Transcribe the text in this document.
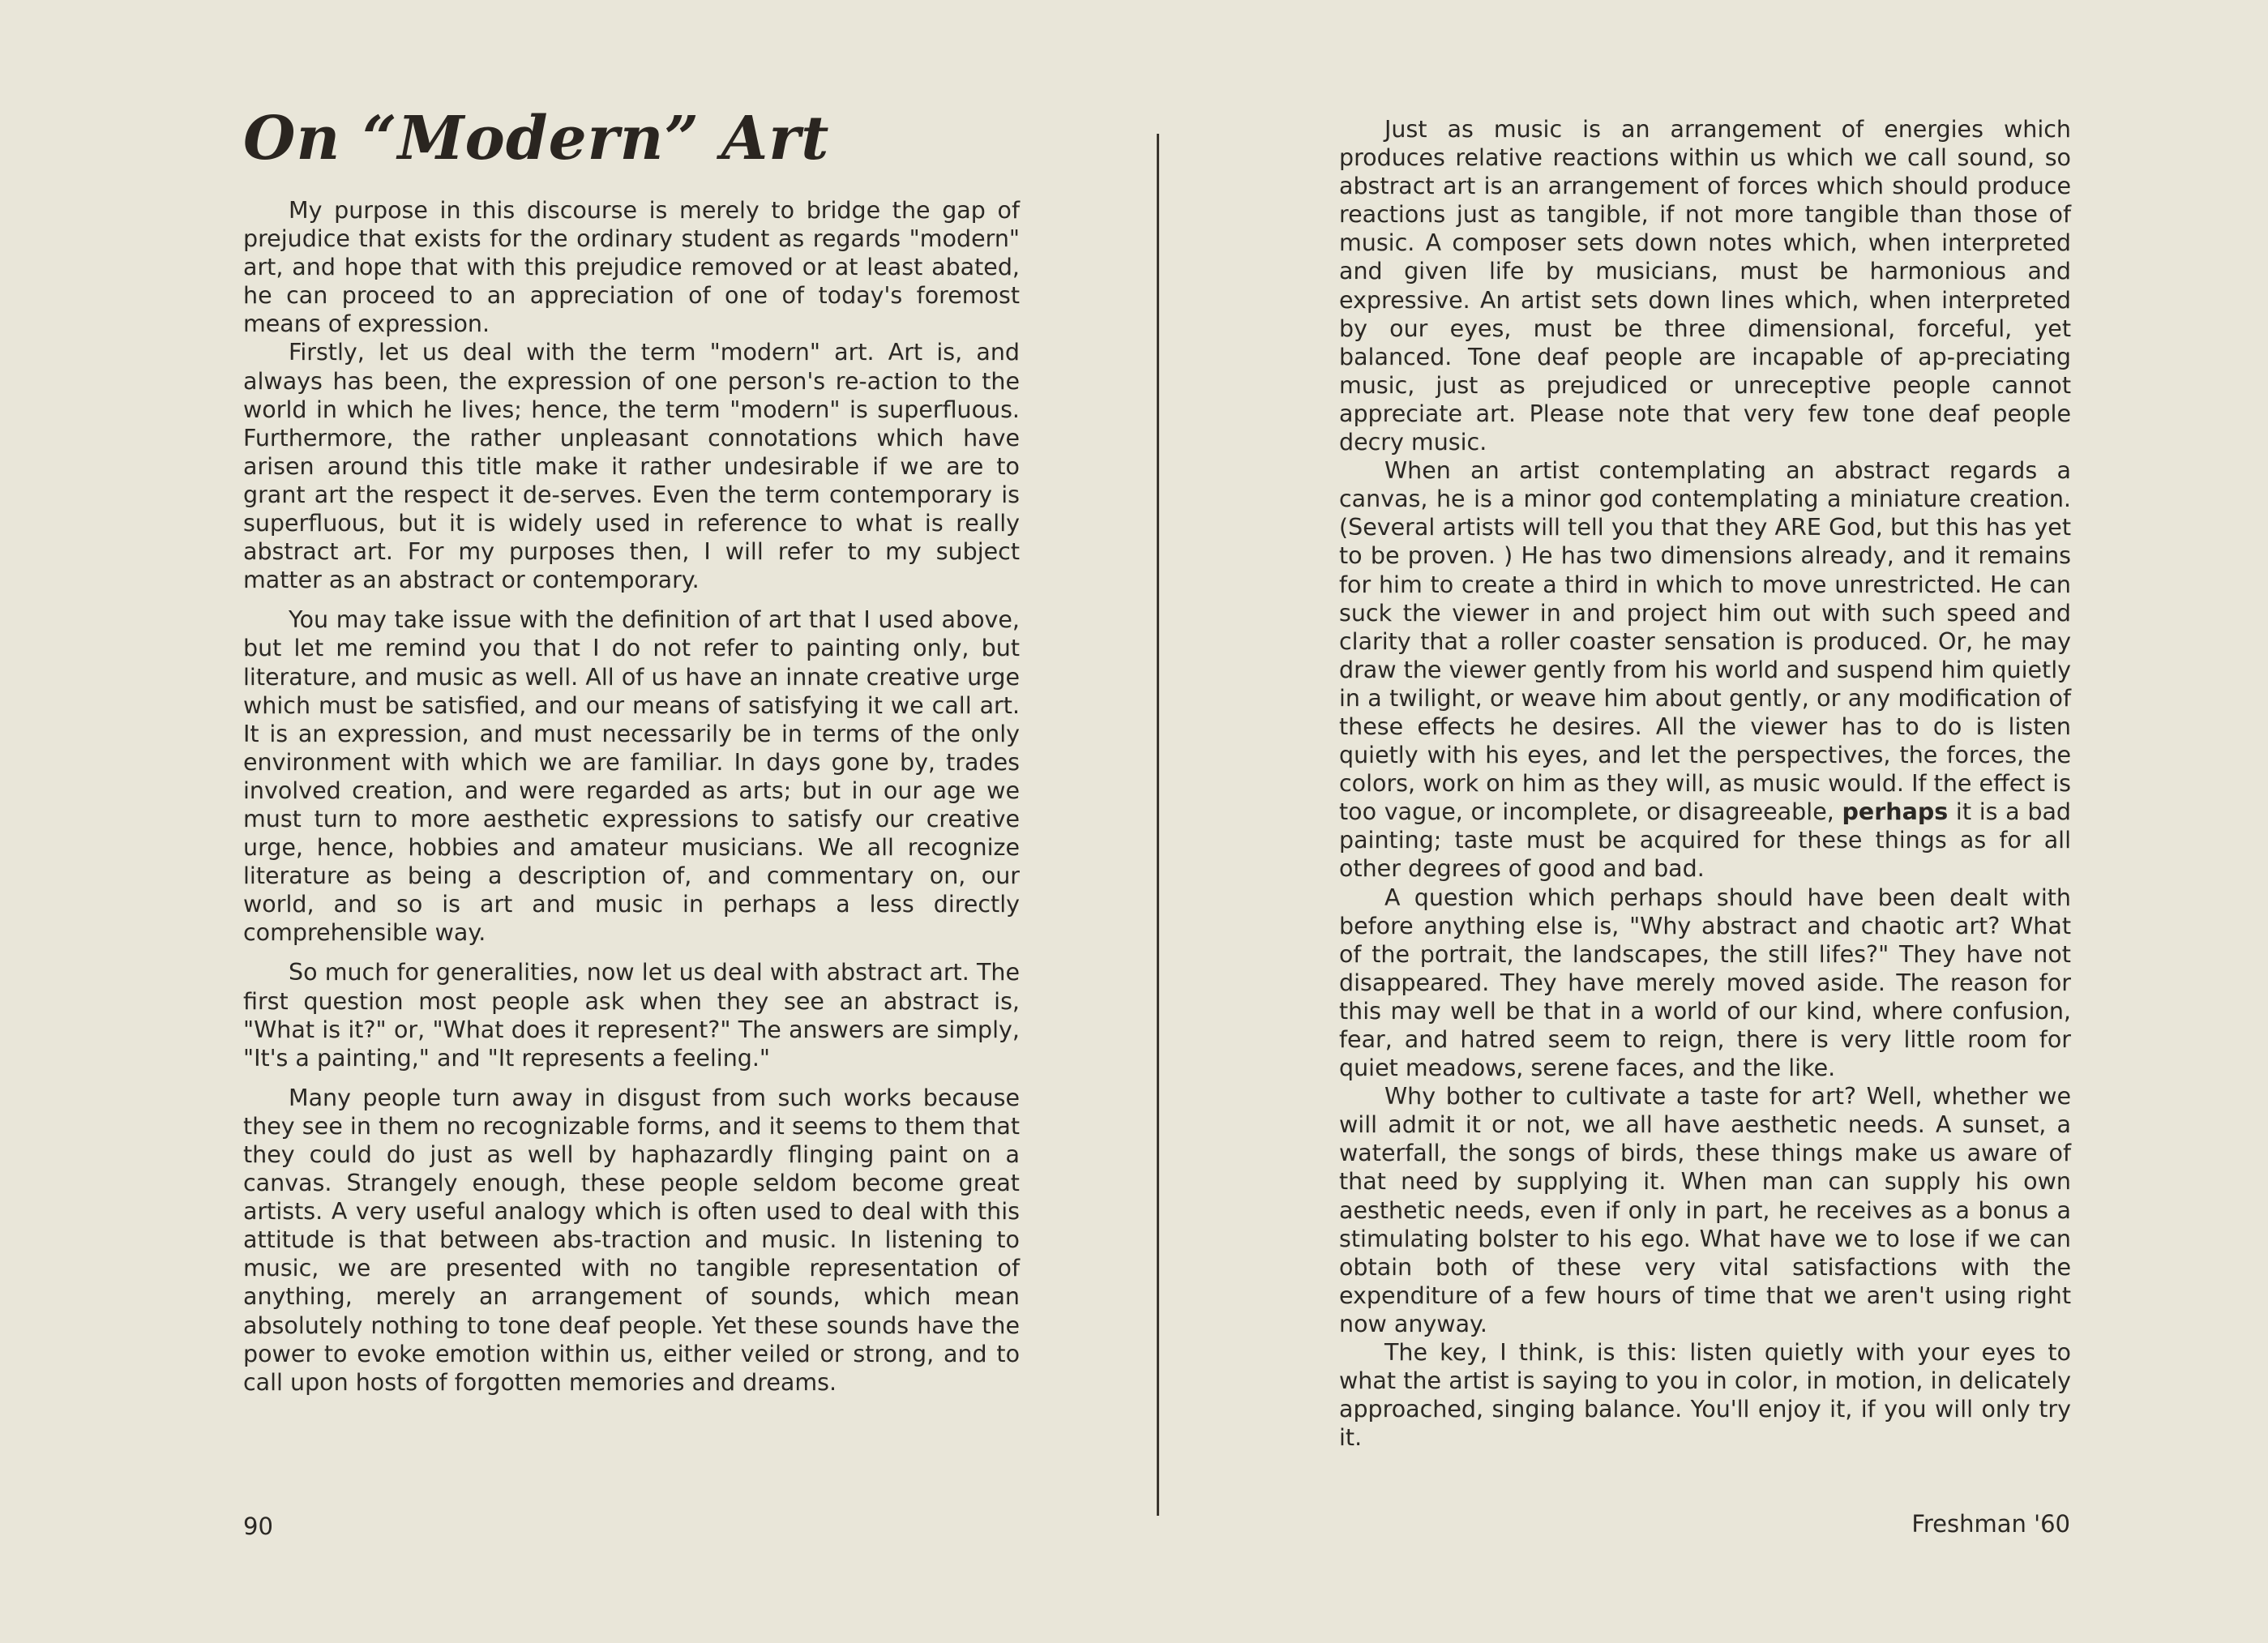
On “Modern” Art

My purpose in this discourse is merely to bridge the gap of prejudice that exists for the ordinary student as regards "modern" art, and hope that with this prejudice removed or at least abated, he can proceed to an appreciation of one of today's foremost means of expression.

Firstly, let us deal with the term "modern" art. Art is, and always has been, the expression of one person's re-action to the world in which he lives; hence, the term "modern" is superfluous. Furthermore, the rather unpleasant connotations which have arisen around this title make it rather undesirable if we are to grant art the respect it de-serves. Even the term contemporary is superfluous, but it is widely used in reference to what is really abstract art. For my purposes then, I will refer to my subject matter as an abstract or contemporary.

You may take issue with the definition of art that I used above, but let me remind you that I do not refer to painting only, but literature, and music as well. All of us have an innate creative urge which must be satisfied, and our means of satisfying it we call art. It is an expression, and must necessarily be in terms of the only environment with which we are familiar. In days gone by, trades involved creation, and were regarded as arts; but in our age we must turn to more aesthetic expressions to satisfy our creative urge, hence, hobbies and amateur musicians. We all recognize literature as being a description of, and commentary on, our world, and so is art and music in perhaps a less directly comprehensible way.

So much for generalities, now let us deal with abstract art. The first question most people ask when they see an abstract is, "What is it?" or, "What does it represent?" The answers are simply, "It's a painting," and "It represents a feeling."

Many people turn away in disgust from such works because they see in them no recognizable forms, and it seems to them that they could do just as well by haphazardly flinging paint on a canvas. Strangely enough, these people seldom become great artists. A very useful analogy which is often used to deal with this attitude is that between abs-traction and music. In listening to music, we are presented with no tangible representation of anything, merely an arrangement of sounds, which mean absolutely nothing to tone deaf people. Yet these sounds have the power to evoke emotion within us, either veiled or strong, and to call upon hosts of forgotten memories and dreams.

Just as music is an arrangement of energies which produces relative reactions within us which we call sound, so abstract art is an arrangement of forces which should produce reactions just as tangible, if not more tangible than those of music. A composer sets down notes which, when interpreted and given life by musicians, must be harmonious and expressive. An artist sets down lines which, when interpreted by our eyes, must be three dimensional, forceful, yet balanced. Tone deaf people are incapable of ap-preciating music, just as prejudiced or unreceptive people cannot appreciate art. Please note that very few tone deaf people decry music.

When an artist contemplating an abstract regards a canvas, he is a minor god contemplating a miniature creation. (Several artists will tell you that they ARE God, but this has yet to be proven. ) He has two dimensions already, and it remains for him to create a third in which to move unrestricted. He can suck the viewer in and project him out with such speed and clarity that a roller coaster sensation is produced. Or, he may draw the viewer gently from his world and suspend him quietly in a twilight, or weave him about gently, or any modification of these effects he desires. All the viewer has to do is listen quietly with his eyes, and let the perspectives, the forces, the colors, work on him as they will, as music would. If the effect is too vague, or incomplete, or disagreeable, perhaps it is a bad painting; taste must be acquired for these things as for all other degrees of good and bad.

A question which perhaps should have been dealt with before anything else is, "Why abstract and chaotic art? What of the portrait, the landscapes, the still lifes?" They have not disappeared. They have merely moved aside. The reason for this may well be that in a world of our kind, where confusion, fear, and hatred seem to reign, there is very little room for quiet meadows, serene faces, and the like.

Why bother to cultivate a taste for art? Well, whether we will admit it or not, we all have aesthetic needs. A sunset, a waterfall, the songs of birds, these things make us aware of that need by supplying it. When man can supply his own aesthetic needs, even if only in part, he receives as a bonus a stimulating bolster to his ego. What have we to lose if we can obtain both of these very vital satisfactions with the expenditure of a few hours of time that we aren't using right now anyway.

The key, I think, is this: listen quietly with your eyes to what the artist is saying to you in color, in motion, in delicately approached, singing balance. You'll enjoy it, if you will only try it.

90	Freshman '60
